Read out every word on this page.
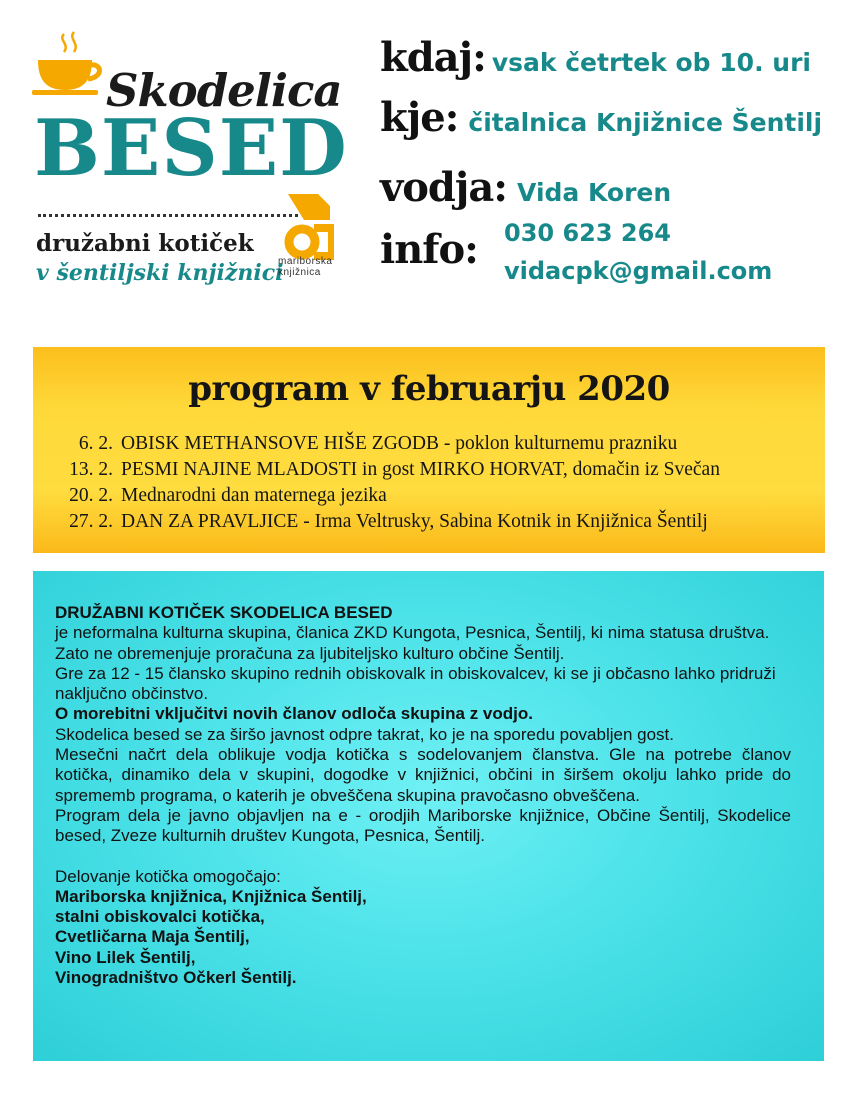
Skodelica
BESED
družabni kotiček
v šentiljski knjižnici
mariborska
knjižnica
kdaj: vsak četrtek ob 10. uri
kje: čitalnica Knjižnice Šentilj
vodja: Vida Koren
info: 030 623 264
vidacpk@gmail.com
program v februarju 2020
6. 2. OBISK METHANSOVE HIŠE ZGODB - poklon kulturnemu prazniku
13. 2. PESMI NAJINE MLADOSTI in gost MIRKO HORVAT, domačin iz Svečan
20. 2. Mednarodni dan maternega jezika
27. 2. DAN ZA PRAVLJICE - Irma Veltrusky, Sabina Kotnik in Knjižnica Šentilj

DRUŽABNI KOTIČEK SKODELICA BESED

je neformalna kulturna skupina, članica ZKD Kungota, Pesnica, Šentilj, ki nima statusa društva. Zato ne obremenjuje proračuna za ljubiteljsko kulturo občine Šentilj.

Gre za 12 - 15 člansko skupino rednih obiskovalk in obiskovalcev, ki se ji občasno lahko pridruži naključno občinstvo.

O morebitni vključitvi novih članov odloča skupina z vodjo.

Skodelica besed se za širšo javnost odpre takrat, ko je na sporedu povabljen gost.

Mesečni načrt dela oblikuje vodja kotička s sodelovanjem članstva. Gle na potrebe članov kotička, dinamiko dela v skupini, dogodke v knjižnici, občini in širšem okolju lahko pride do sprememb programa, o katerih je obveščena skupina pravočasno obveščena.

Program dela je javno objavljen na e - orodjih Mariborske knjižnice, Občine Šentilj, Skodelice besed, Zveze kulturnih društev Kungota, Pesnica, Šentilj.

Delovanje kotička omogočajo:

Mariborska knjižnica, Knjižnica Šentilj,

stalni obiskovalci kotička,

Cvetličarna Maja Šentilj,

Vino Lilek Šentilj,

Vinogradništvo Očkerl Šentilj.
